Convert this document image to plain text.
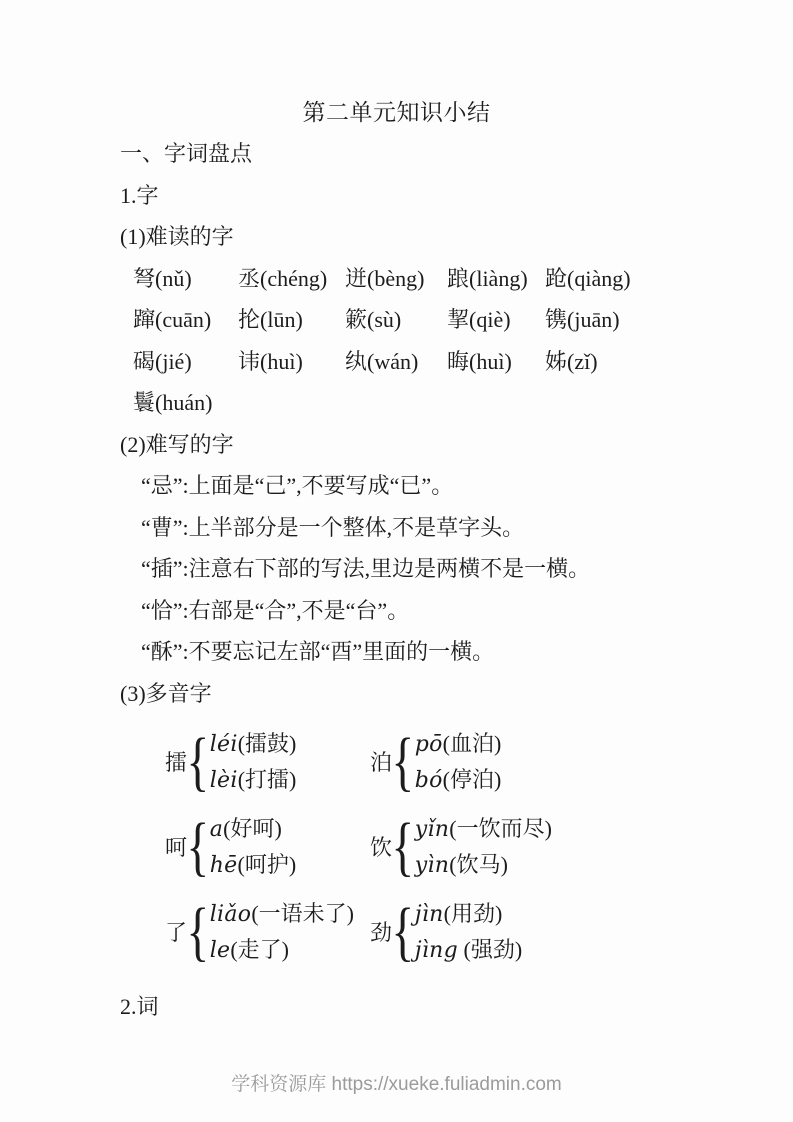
第二单元知识小结
一、字词盘点
1.字
(1)难读的字
弩(nǔ)	丞(chéng) 迸(bèng)	踉(liàng) 跄(qiàng)
蹿(cuān)	抡(lūn)	簌(sù)	挈(qiè)	镌(juān)
碣(jié)	讳(huì)	纨(wán)	晦(huì)	姊(zǐ)
鬟(huán)
(2)难写的字
“忌”:上面是“己”,不要写成“已”。
“曹”:上半部分是一个整体,不是草字头。
“插”:注意右下部的写法,里边是两横不是一横。
“恰”:右部是“合”,不是“台”。
“酥”:不要忘记左部“酉”里面的一横。
(3)多音字
擂 { léi(擂鼓)
lèi(打擂)
泊 { pō(血泊)
bó(停泊)
呵 { a(好呵)
hē(呵护)
饮 { yǐn(一饮而尽)
yìn(饮马)
了 { liǎo(一语未了)
le(走了)
劲 { jìn(用劲)
jìng (强劲)
2.词
学科资源库 https://xueke.fuliadmin.com
